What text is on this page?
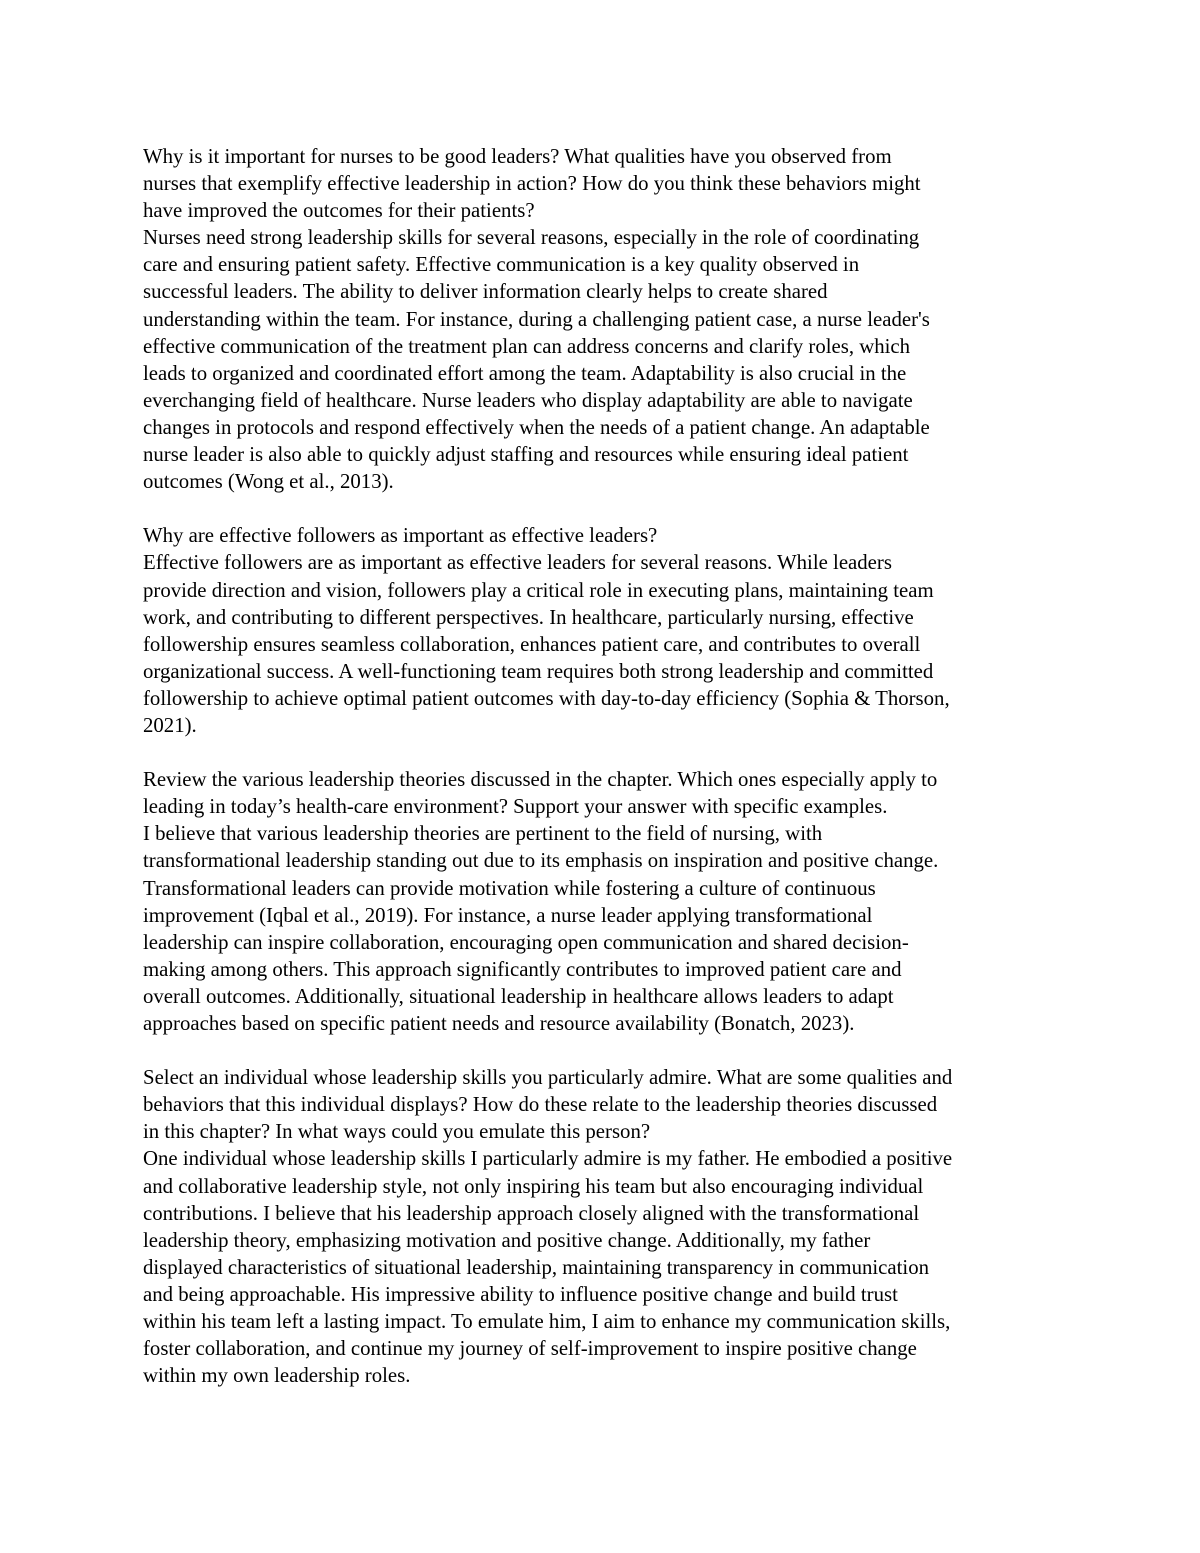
Why is it important for nurses to be good leaders? What qualities have you observed from
nurses that exemplify effective leadership in action? How do you think these behaviors might
have improved the outcomes for their patients?

Nurses need strong leadership skills for several reasons, especially in the role of coordinating
care and ensuring patient safety. Effective communication is a key quality observed in
successful leaders. The ability to deliver information clearly helps to create shared
understanding within the team. For instance, during a challenging patient case, a nurse leader's
effective communication of the treatment plan can address concerns and clarify roles, which
leads to organized and coordinated effort among the team. Adaptability is also crucial in the
everchanging field of healthcare. Nurse leaders who display adaptability are able to navigate
changes in protocols and respond effectively when the needs of a patient change. An adaptable
nurse leader is also able to quickly adjust staffing and resources while ensuring ideal patient
outcomes (Wong et al., 2013).

Why are effective followers as important as effective leaders?

Effective followers are as important as effective leaders for several reasons. While leaders
provide direction and vision, followers play a critical role in executing plans, maintaining team
work, and contributing to different perspectives. In healthcare, particularly nursing, effective
followership ensures seamless collaboration, enhances patient care, and contributes to overall
organizational success. A well-functioning team requires both strong leadership and committed
followership to achieve optimal patient outcomes with day-to-day efficiency (Sophia & Thorson,
2021).

Review the various leadership theories discussed in the chapter. Which ones especially apply to
leading in today’s health-care environment? Support your answer with specific examples.

I believe that various leadership theories are pertinent to the field of nursing, with
transformational leadership standing out due to its emphasis on inspiration and positive change.
Transformational leaders can provide motivation while fostering a culture of continuous
improvement (Iqbal et al., 2019). For instance, a nurse leader applying transformational
leadership can inspire collaboration, encouraging open communication and shared decision-
making among others. This approach significantly contributes to improved patient care and
overall outcomes. Additionally, situational leadership in healthcare allows leaders to adapt
approaches based on specific patient needs and resource availability (Bonatch, 2023).

Select an individual whose leadership skills you particularly admire. What are some qualities and
behaviors that this individual displays? How do these relate to the leadership theories discussed
in this chapter? In what ways could you emulate this person?

One individual whose leadership skills I particularly admire is my father. He embodied a positive
and collaborative leadership style, not only inspiring his team but also encouraging individual
contributions. I believe that his leadership approach closely aligned with the transformational
leadership theory, emphasizing motivation and positive change. Additionally, my father
displayed characteristics of situational leadership, maintaining transparency in communication
and being approachable. His impressive ability to influence positive change and build trust
within his team left a lasting impact. To emulate him, I aim to enhance my communication skills,
foster collaboration, and continue my journey of self-improvement to inspire positive change
within my own leadership roles.
